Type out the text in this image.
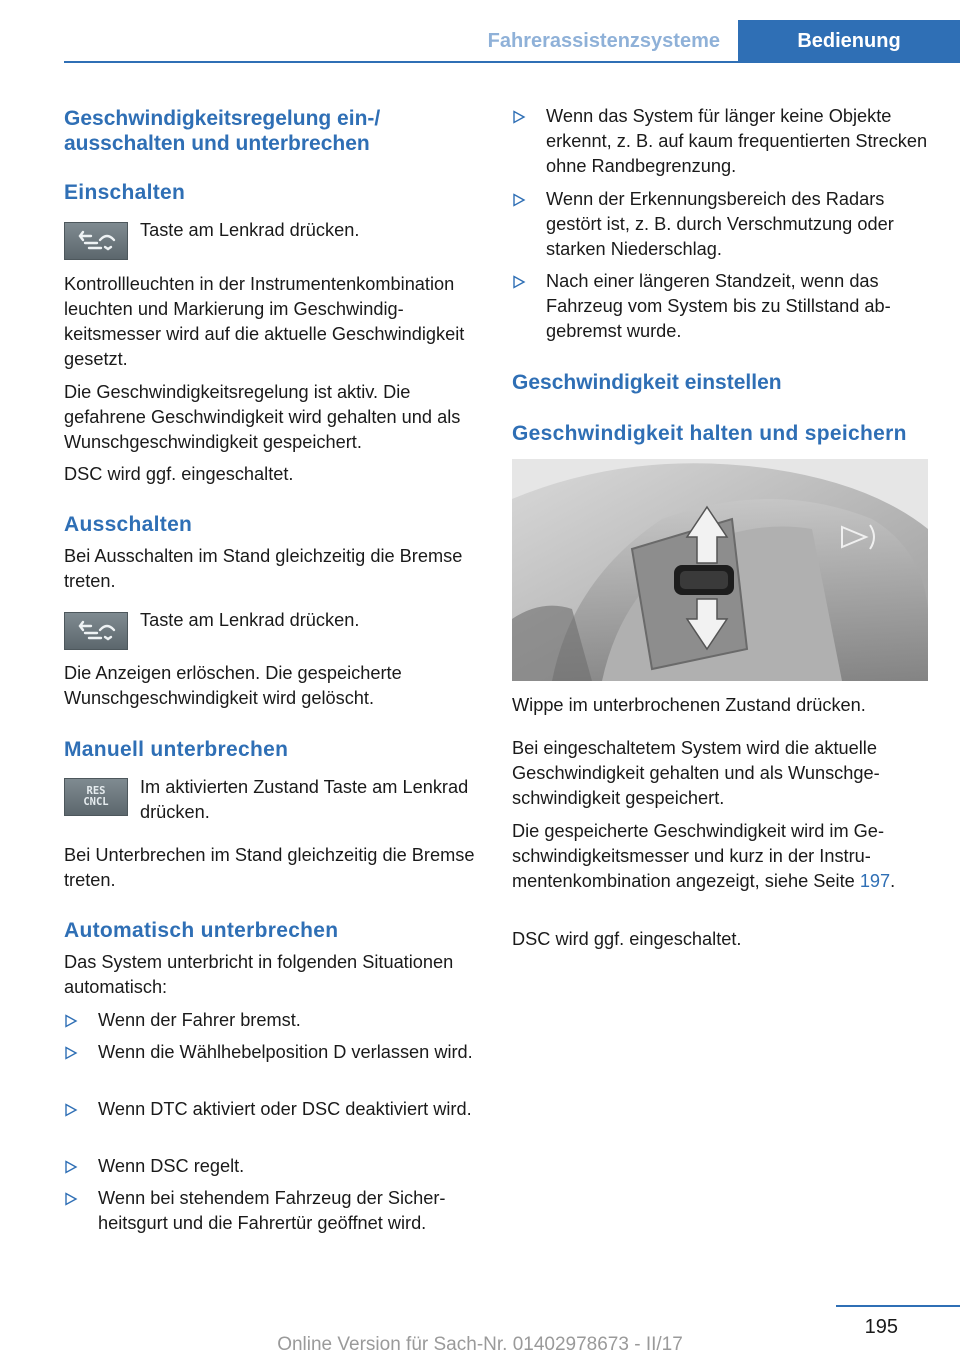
Fahrerassistenzsysteme	Bedienung
Geschwindigkeitsregelung ein-/ ausschalten und unterbrechen
Einschalten
Taste am Lenkrad drücken.
Kontrollleuchten in der Instrumentenkombination leuchten und Markierung im Geschwindigkeitsmesser wird auf die aktuelle Geschwindigkeit gesetzt.
Die Geschwindigkeitsregelung ist aktiv. Die gefahrene Geschwindigkeit wird gehalten und als Wunschgeschwindigkeit gespeichert.
DSC wird ggf. eingeschaltet.
Ausschalten
Bei Ausschalten im Stand gleichzeitig die Bremse treten.
Taste am Lenkrad drücken.
Die Anzeigen erlöschen. Die gespeicherte Wunschgeschwindigkeit wird gelöscht.
Manuell unterbrechen
RES CNCL
Im aktivierten Zustand Taste am Lenkrad drücken.
Bei Unterbrechen im Stand gleichzeitig die Bremse treten.
Automatisch unterbrechen
Das System unterbricht in folgenden Situationen automatisch:
Wenn der Fahrer bremst.
Wenn die Wählhebelposition D verlassen wird.
Wenn DTC aktiviert oder DSC deaktiviert wird.
Wenn DSC regelt.
Wenn bei stehendem Fahrzeug der Sicherheitsgurt und die Fahrertür geöffnet wird.
Wenn das System für länger keine Objekte erkennt, z. B. auf kaum frequentierten Strecken ohne Randbegrenzung.
Wenn der Erkennungsbereich des Radars gestört ist, z. B. durch Verschmutzung oder starken Niederschlag.
Nach einer längeren Standzeit, wenn das Fahrzeug vom System bis zu Stillstand abgebremst wurde.
Geschwindigkeit einstellen
Geschwindigkeit halten und speichern
Wippe im unterbrochenen Zustand drücken.
Bei eingeschaltetem System wird die aktuelle Geschwindigkeit gehalten und als Wunschgeschwindigkeit gespeichert.
Die gespeicherte Geschwindigkeit wird im Geschwindigkeitsmesser und kurz in der Instrumentenkombination angezeigt, siehe Seite 197.
DSC wird ggf. eingeschaltet.
195
Online Version für Sach-Nr. 01402978673 - II/17
